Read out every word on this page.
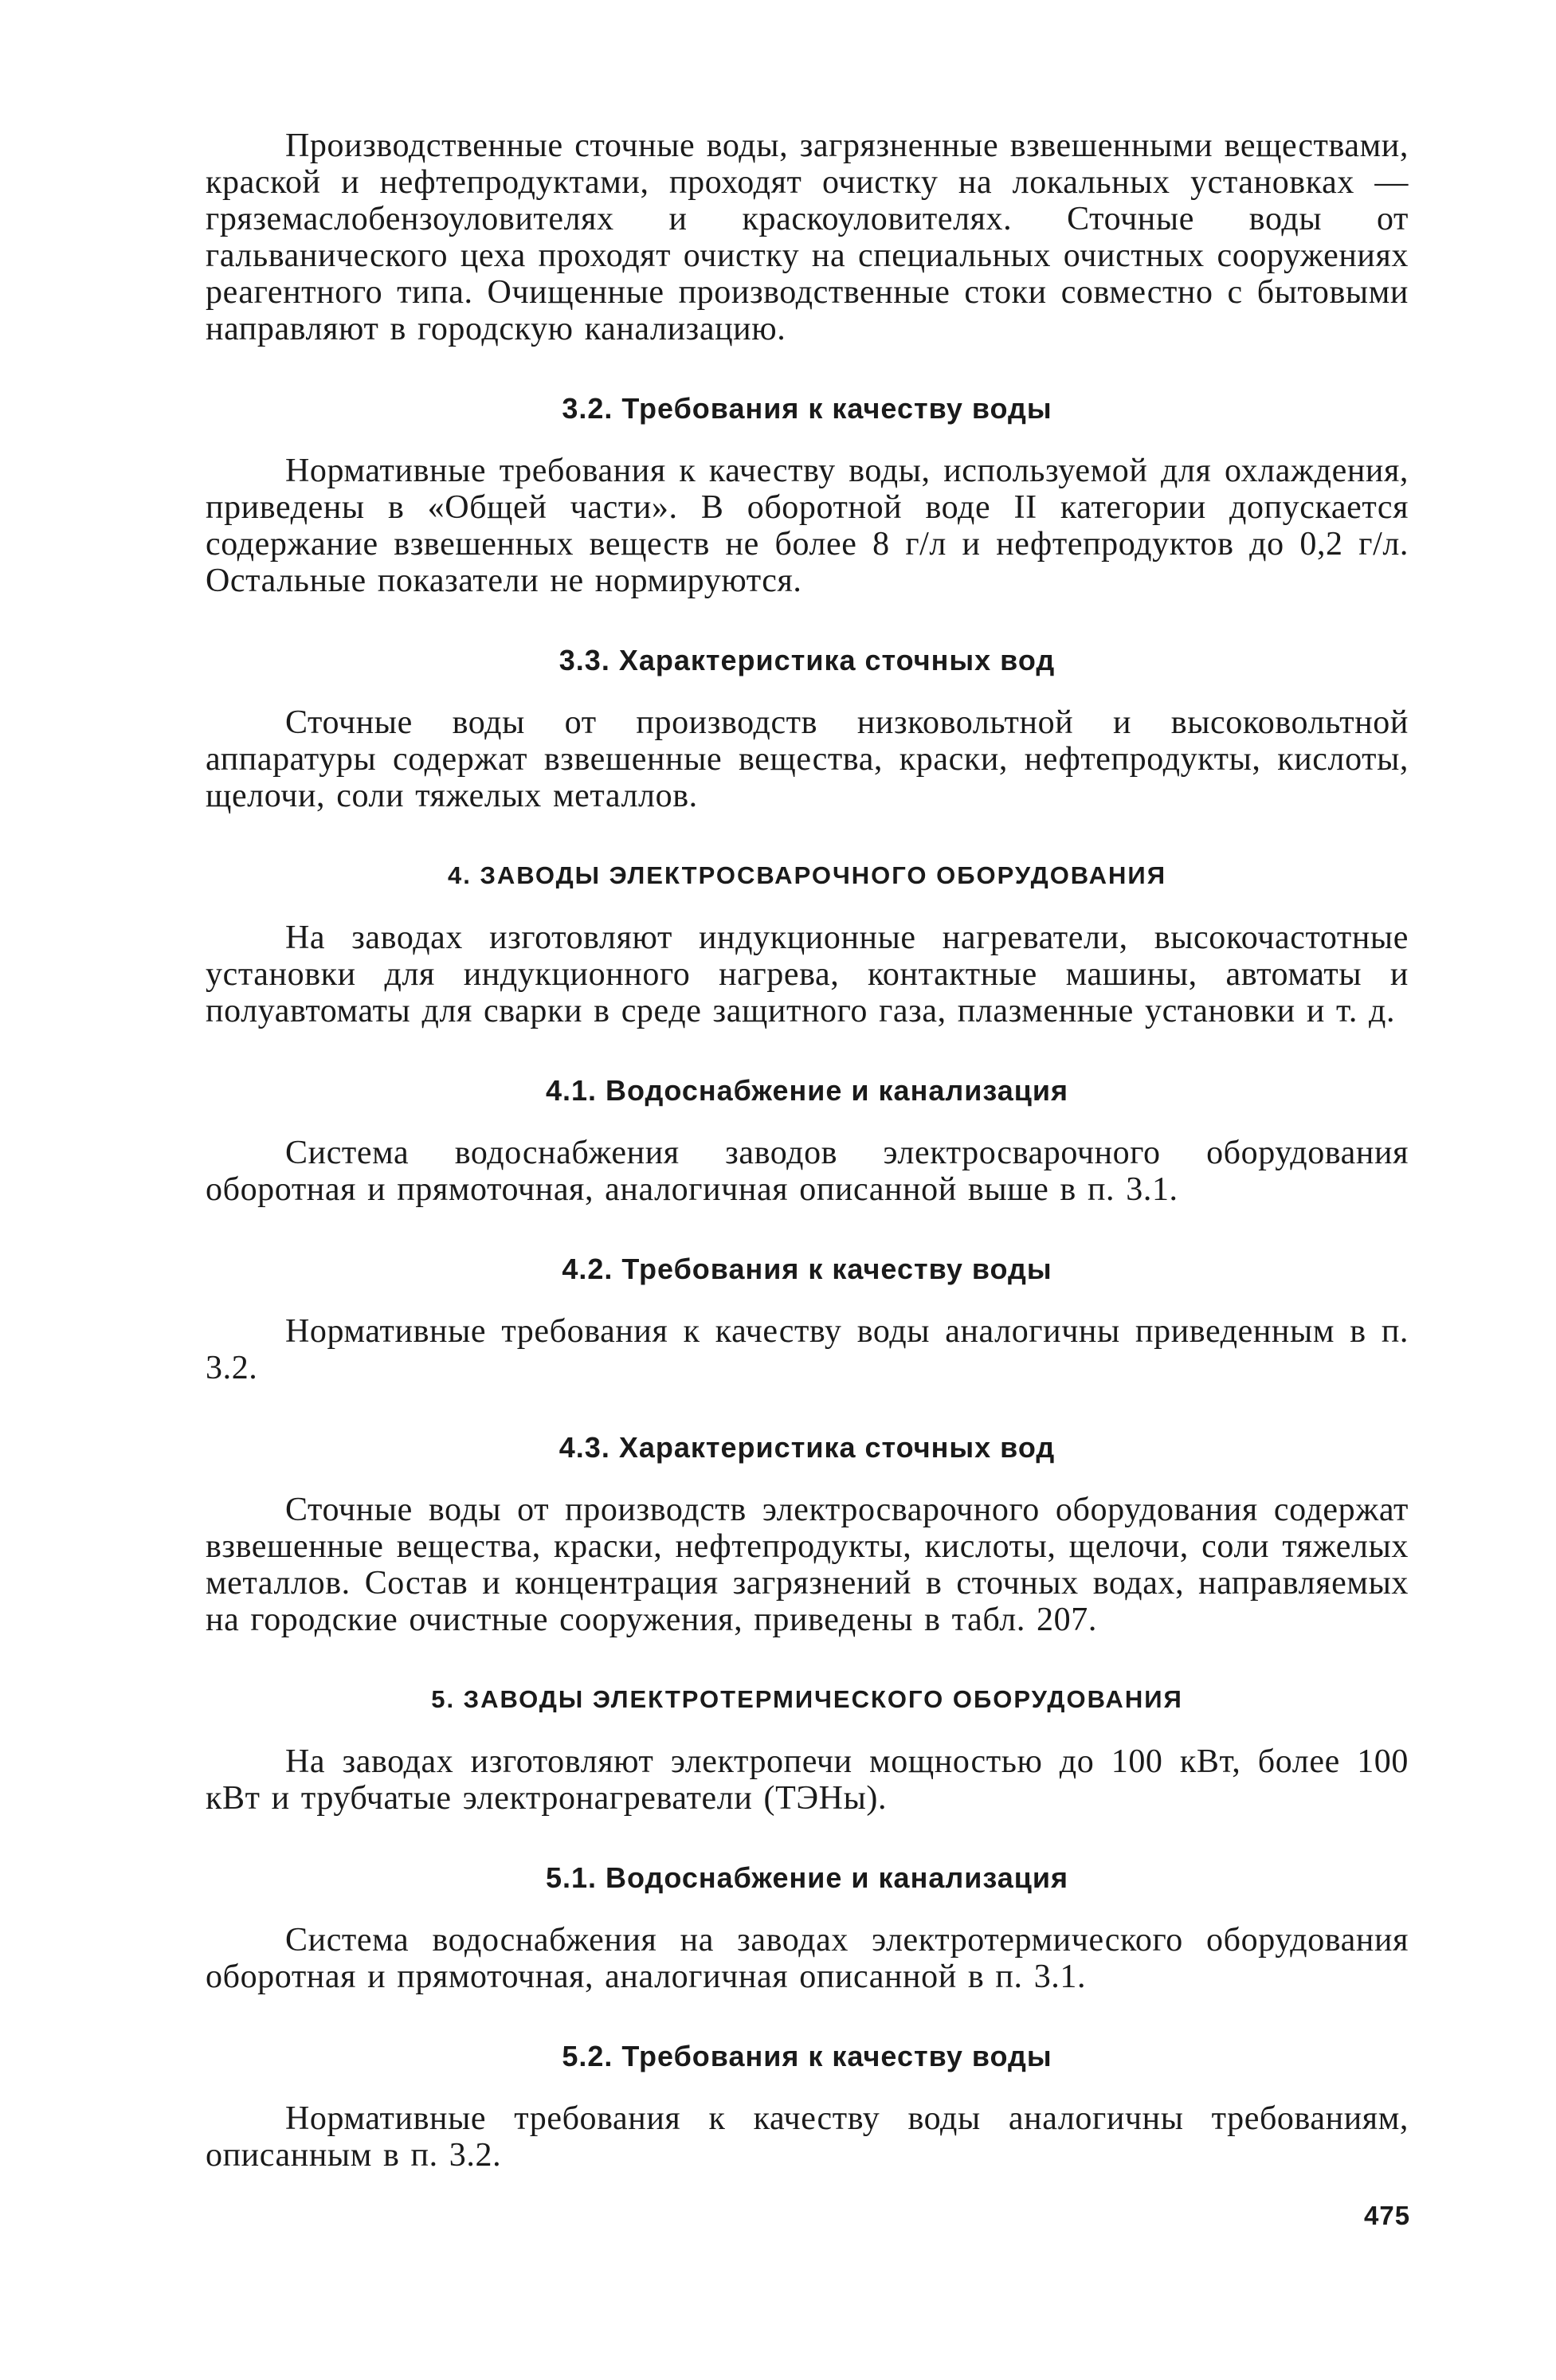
Производственные сточные воды, загрязненные взвешенными веществами, краской и нефтепродуктами, проходят очистку на локальных установках — гряземаслобензоуловителях и краскоуловителях. Сточные воды от гальванического цеха проходят очистку на специальных очистных сооружениях реагентного типа. Очищенные производственные стоки совместно с бытовыми направляют в городскую канализацию.

3.2. Требования к качеству воды

Нормативные требования к качеству воды, используемой для охлаждения, приведены в «Общей части». В оборотной воде II категории допускается содержание взвешенных веществ не более 8 г/л и нефтепродуктов до 0,2 г/л. Остальные показатели не нормируются.

3.3. Характеристика сточных вод

Сточные воды от производств низковольтной и высоковольтной аппаратуры содержат взвешенные вещества, краски, нефтепродукты, кислоты, щелочи, соли тяжелых металлов.

4. ЗАВОДЫ ЭЛЕКТРОСВАРОЧНОГО ОБОРУДОВАНИЯ

На заводах изготовляют индукционные нагреватели, высокочастотные установки для индукционного нагрева, контактные машины, автоматы и полуавтоматы для сварки в среде защитного газа, плазменные установки и т. д.

4.1. Водоснабжение и канализация

Система водоснабжения заводов электросварочного оборудования оборотная и прямоточная, аналогичная описанной выше в п. 3.1.

4.2. Требования к качеству воды

Нормативные требования к качеству воды аналогичны приведенным в п. 3.2.

4.3. Характеристика сточных вод

Сточные воды от производств электросварочного оборудования содержат взвешенные вещества, краски, нефтепродукты, кислоты, щелочи, соли тяжелых металлов. Состав и концентрация загрязнений в сточных водах, направляемых на городские очистные сооружения, приведены в табл. 207.

5. ЗАВОДЫ ЭЛЕКТРОТЕРМИЧЕСКОГО ОБОРУДОВАНИЯ

На заводах изготовляют электропечи мощностью до 100 кВт, более 100 кВт и трубчатые электронагреватели (ТЭНы).

5.1. Водоснабжение и канализация

Система водоснабжения на заводах электротермического оборудования оборотная и прямоточная, аналогичная описанной в п. 3.1.

5.2. Требования к качеству воды

Нормативные требования к качеству воды аналогичны требованиям, описанным в п. 3.2.

475
